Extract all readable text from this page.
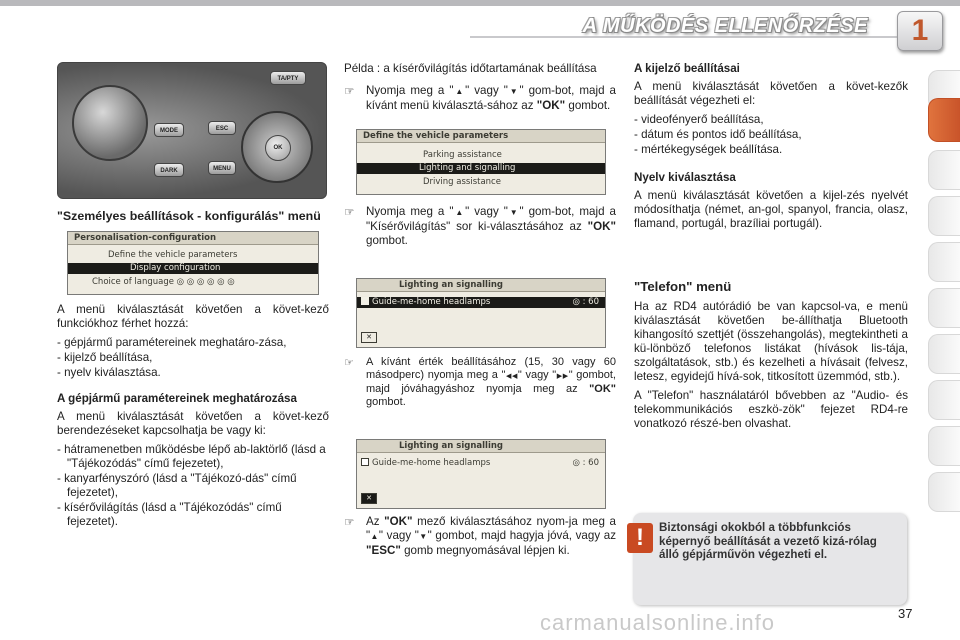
A MŰKÖDÉS ELLENŐRZÉSE	1
TA/PTY
MODE
DARK
ESC
MENU
OK
"Személyes beállítások - konfigurálás" menü
Personalisation-configuration
Define the vehicle parameters
Display configuration
Choice of language ◎ ◎ ◎ ◎ ◎ ◎

A menü kiválasztását követően a követ-kező funkciókhoz férhet hozzá:

- gépjármű paramétereinek meghatáro-zása,
- kijelző beállítása,
- nyelv kiválasztása.
A gépjármű paramétereinek meghatározása

A menü kiválasztását követően a követ-kező berendezéseket kapcsolhatja be vagy ki:

- hátramenetben működésbe lépő ab-laktörlő (lásd a "Tájékozódás" című fejezetet),
- kanyarfényszóró (lásd a "Tájékozó-dás" című fejezetet),
- kísérővilágítás (lásd a "Tájékozódás" című fejezetet).

Példa : a kísérővilágítás időtartamának beállítása

☞ Nyomja meg a "▲" vagy "▼" gom-bot, majd a kívánt menü kiválasztá-sához az "OK" gombot.
Define the vehicle parameters
Parking assistance
Lighting and signalling
Driving assistance
☞ Nyomja meg a "▲" vagy "▼" gom-bot, majd a "Kísérővilágítás" sor ki-választásához az "OK" gombot.
Lighting an signalling
Guide-me-home headlamps	◎ : 60
✕
☞ A kívánt érték beállításához (15, 30 vagy 60 másodperc) nyomja meg a "◀◀" vagy "▶▶" gombot, majd jóváhagyáshoz nyomja meg az "OK" gombot.
Lighting an signalling
Guide-me-home headlamps	◎ : 60
✕
☞ Az "OK" mező kiválasztásához nyom-ja meg a "▲" vagy "▼" gombot, majd hagyja jóvá, vagy az "ESC" gomb megnyomásával lépjen ki.
A kijelző beállításai

A menü kiválasztását követően a követ-kezők beállítását végezheti el:

- videofényerő beállítása,
- dátum és pontos idő beállítása,
- mértékegységek beállítása.
Nyelv kiválasztása

A menü kiválasztását követően a kijel-zés nyelvét módosíthatja (német, an-gol, spanyol, francia, olasz, flamand, portugál, brazíliai portugál).

"Telefon" menü

Ha az RD4 autórádió be van kapcsol-va, e menü kiválasztását követően be-állíthatja Bluetooth kihangosító szettjét (összehangolás), megtekintheti a kü-lönböző telefonos listákat (hívások lis-tája, szolgáltatások, stb.) és kezelheti a hívásait (felvesz, letesz, egyidejű hívá-sok, titkosított üzemmód, stb.).

A "Telefon" használatáról bővebben az "Audio- és telekommunikációs eszkö-zök" fejezet RD4-re vonatkozó részé-ben olvashat.

!	Biztonsági okokból a többfunkciós képernyő beállítását a vezető kizá-rólag álló gépjárművön végezheti el.
carmanualsonline.info	37
